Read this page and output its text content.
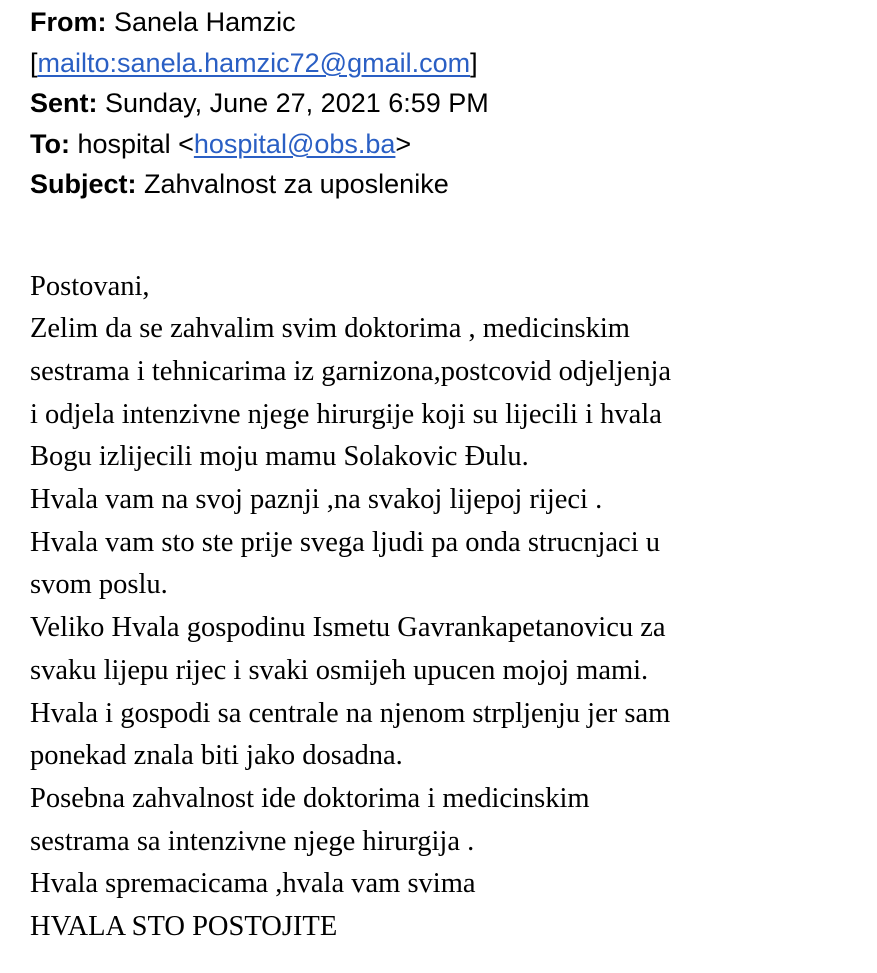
From: Sanela Hamzic
[mailto:sanela.hamzic72@gmail.com]
Sent: Sunday, June 27, 2021 6:59 PM
To: hospital <hospital@obs.ba>
Subject: Zahvalnost za uposlenike
Postovani,
Zelim da se zahvalim svim doktorima , medicinskim
sestrama i tehnicarima iz garnizona,postcovid odjeljenja
i odjela intenzivne njege hirurgije koji su lijecili i hvala
Bogu izlijecili moju mamu Solakovic Đulu.
Hvala vam na svoj paznji ,na svakoj lijepoj rijeci .
Hvala vam sto ste prije svega ljudi pa onda strucnjaci u
svom poslu.
Veliko Hvala gospodinu Ismetu Gavrankapetanovicu za
svaku lijepu rijec i svaki osmijeh upucen mojoj mami.
Hvala i gospodi sa centrale na njenom strpljenju jer sam
ponekad znala biti jako dosadna.
Posebna zahvalnost ide doktorima i medicinskim
sestrama sa intenzivne njege hirurgija .
Hvala spremacicama ,hvala vam svima
HVALA STO POSTOJITE
